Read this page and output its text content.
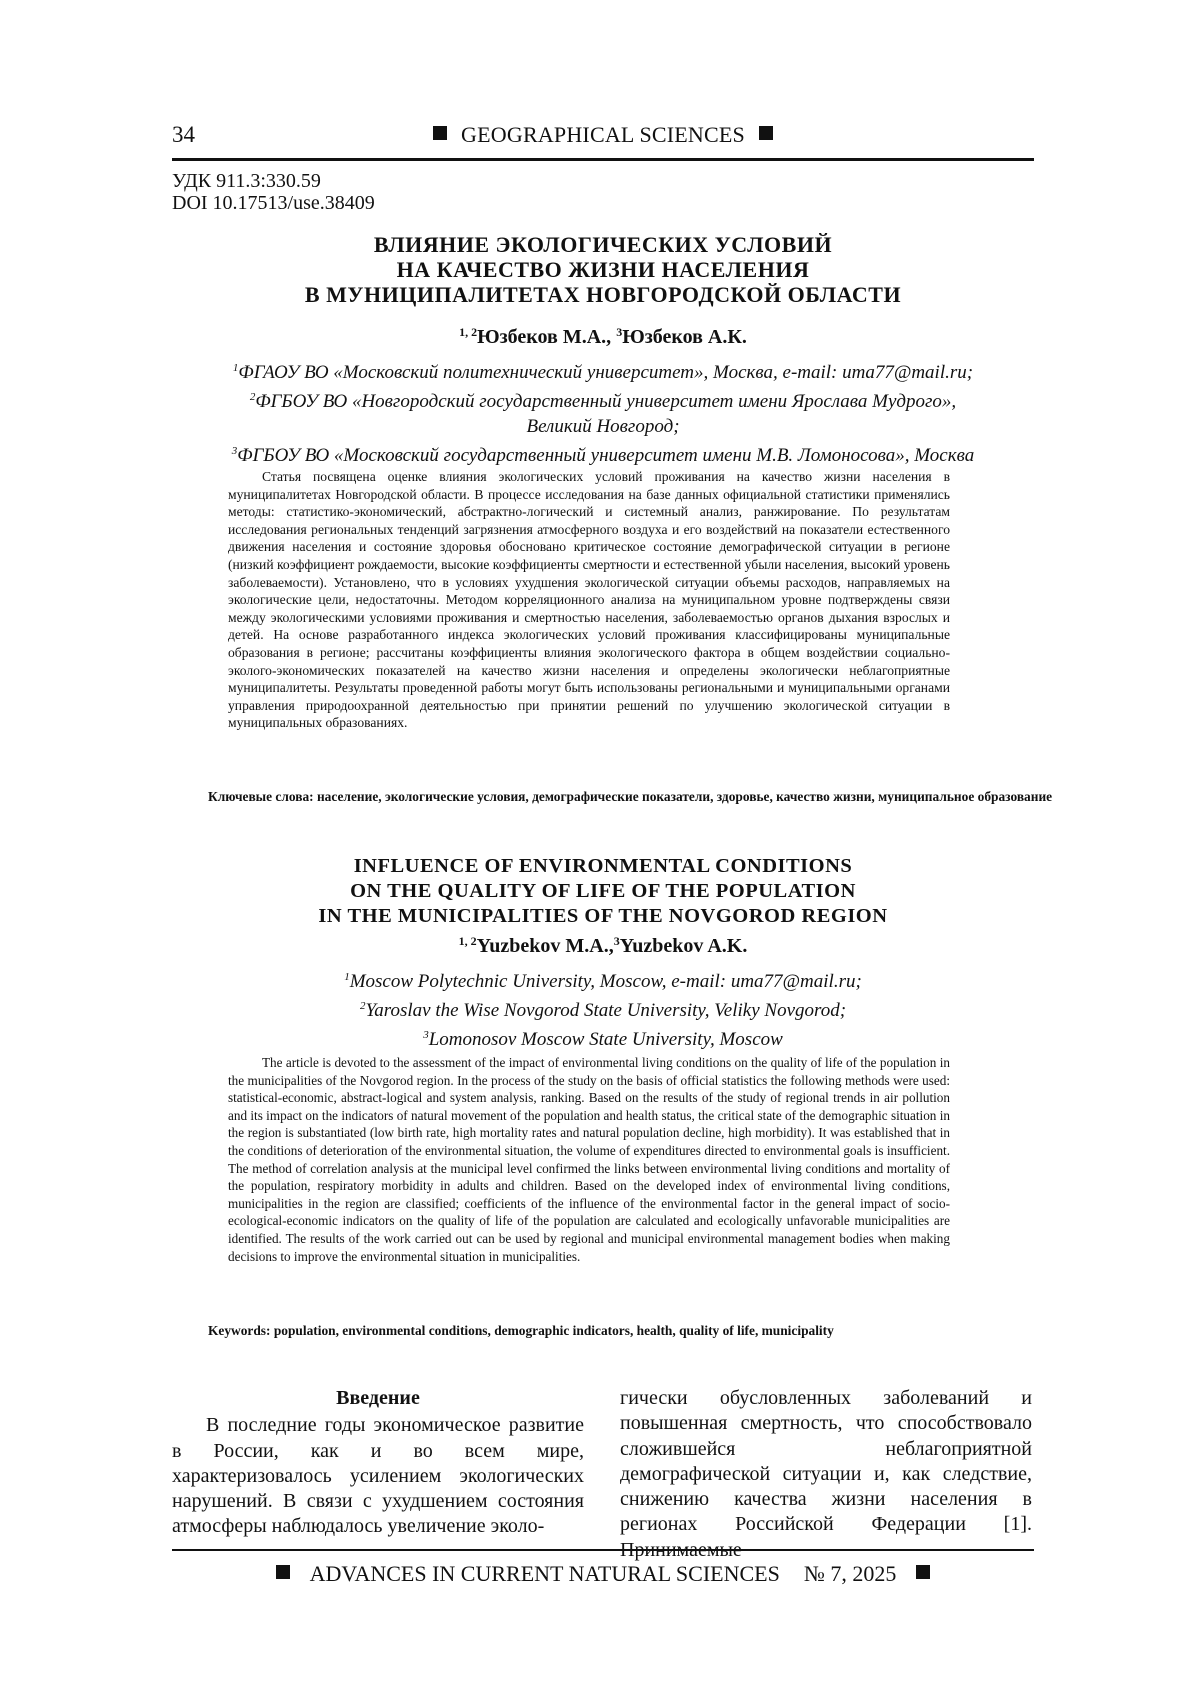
34	GEOGRAPHICAL SCIENCES
УДК 911.3:330.59
DOI 10.17513/use.38409
ВЛИЯНИЕ ЭКОЛОГИЧЕСКИХ УСЛОВИЙ
НА КАЧЕСТВО ЖИЗНИ НАСЕЛЕНИЯ
В МУНИЦИПАЛИТЕТАХ НОВГОРОДСКОЙ ОБЛАСТИ
1, 2Юзбеков М.А., 3Юзбеков А.К.
1ФГАОУ ВО «Московский политехнический университет», Москва, e-mail: uma77@mail.ru;
2ФГБОУ ВО «Новгородский государственный университет имени Ярослава Мудрого»,
Великий Новгород;
3ФГБОУ ВО «Московский государственный университет имени М.В. Ломоносова», Москва
Статья посвящена оценке влияния экологических условий проживания на качество жизни населения в муниципалитетах Новгородской области. В процессе исследования на базе данных официальной статистики применялись методы: статистико-экономический, абстрактно-логический и системный анализ, ранжирование. По результатам исследования региональных тенденций загрязнения атмосферного воздуха и его воздействий на показатели естественного движения населения и состояние здоровья обосновано критическое состояние демографической ситуации в регионе (низкий коэффициент рождаемости, высокие коэффициенты смертности и естественной убыли населения, высокий уровень заболеваемости). Установлено, что в условиях ухудшения экологической ситуации объемы расходов, направляемых на экологические цели, недостаточны. Методом корреляционного анализа на муниципальном уровне подтверждены связи между экологическими условиями проживания и смертностью населения, заболеваемостью органов дыхания взрослых и детей. На основе разработанного индекса экологических условий проживания классифицированы муниципальные образования в регионе; рассчитаны коэффициенты влияния экологического фактора в общем воздействии социально-эколого-экономических показателей на качество жизни населения и определены экологически неблагоприятные муниципалитеты. Результаты проведенной работы могут быть использованы региональными и муниципальными органами управления природоохранной деятельностью при принятии решений по улучшению экологической ситуации в муниципальных образованиях.
Ключевые слова: население, экологические условия, демографические показатели, здоровье, качество жизни, муниципальное образование
INFLUENCE OF ENVIRONMENTAL CONDITIONS
ON THE QUALITY OF LIFE OF THE POPULATION
IN THE MUNICIPALITIES OF THE NOVGOROD REGION
1, 2Yuzbekov M.A.,3Yuzbekov A.K.
1Moscow Polytechnic University, Moscow, e-mail: uma77@mail.ru;
2Yaroslav the Wise Novgorod State University, Veliky Novgorod;
3Lomonosov Moscow State University, Moscow
The article is devoted to the assessment of the impact of environmental living conditions on the quality of life of the population in the municipalities of the Novgorod region. In the process of the study on the basis of official statistics the following methods were used: statistical-economic, abstract-logical and system analysis, ranking. Based on the results of the study of regional trends in air pollution and its impact on the indicators of natural movement of the population and health status, the critical state of the demographic situation in the region is substantiated (low birth rate, high mortality rates and natural population decline, high morbidity). It was established that in the conditions of deterioration of the environmental situation, the volume of expenditures directed to environmental goals is insufficient. The method of correlation analysis at the municipal level confirmed the links between environmental living conditions and mortality of the population, respiratory morbidity in adults and children. Based on the developed index of environmental living conditions, municipalities in the region are classified; coefficients of the influence of the environmental factor in the general impact of socio-ecological-economic indicators on the quality of life of the population are calculated and ecologically unfavorable municipalities are identified. The results of the work carried out can be used by regional and municipal environmental management bodies when making decisions to improve the environmental situation in municipalities.
Keywords: population, environmental conditions, demographic indicators, health, quality of life, municipality
Введение
В последние годы экономическое развитие в России, как и во всем мире, характеризовалось усилением экологических нарушений. В связи с ухудшением состояния атмосферы наблюдалось увеличение эколо-
гически обусловленных заболеваний и повышенная смертность, что способствовало сложившейся неблагоприятной демографической ситуации и, как следствие, снижению качества жизни населения в регионах Российской Федерации [1]. Принимаемые
ADVANCES IN CURRENT NATURAL SCIENCES № 7, 2025
